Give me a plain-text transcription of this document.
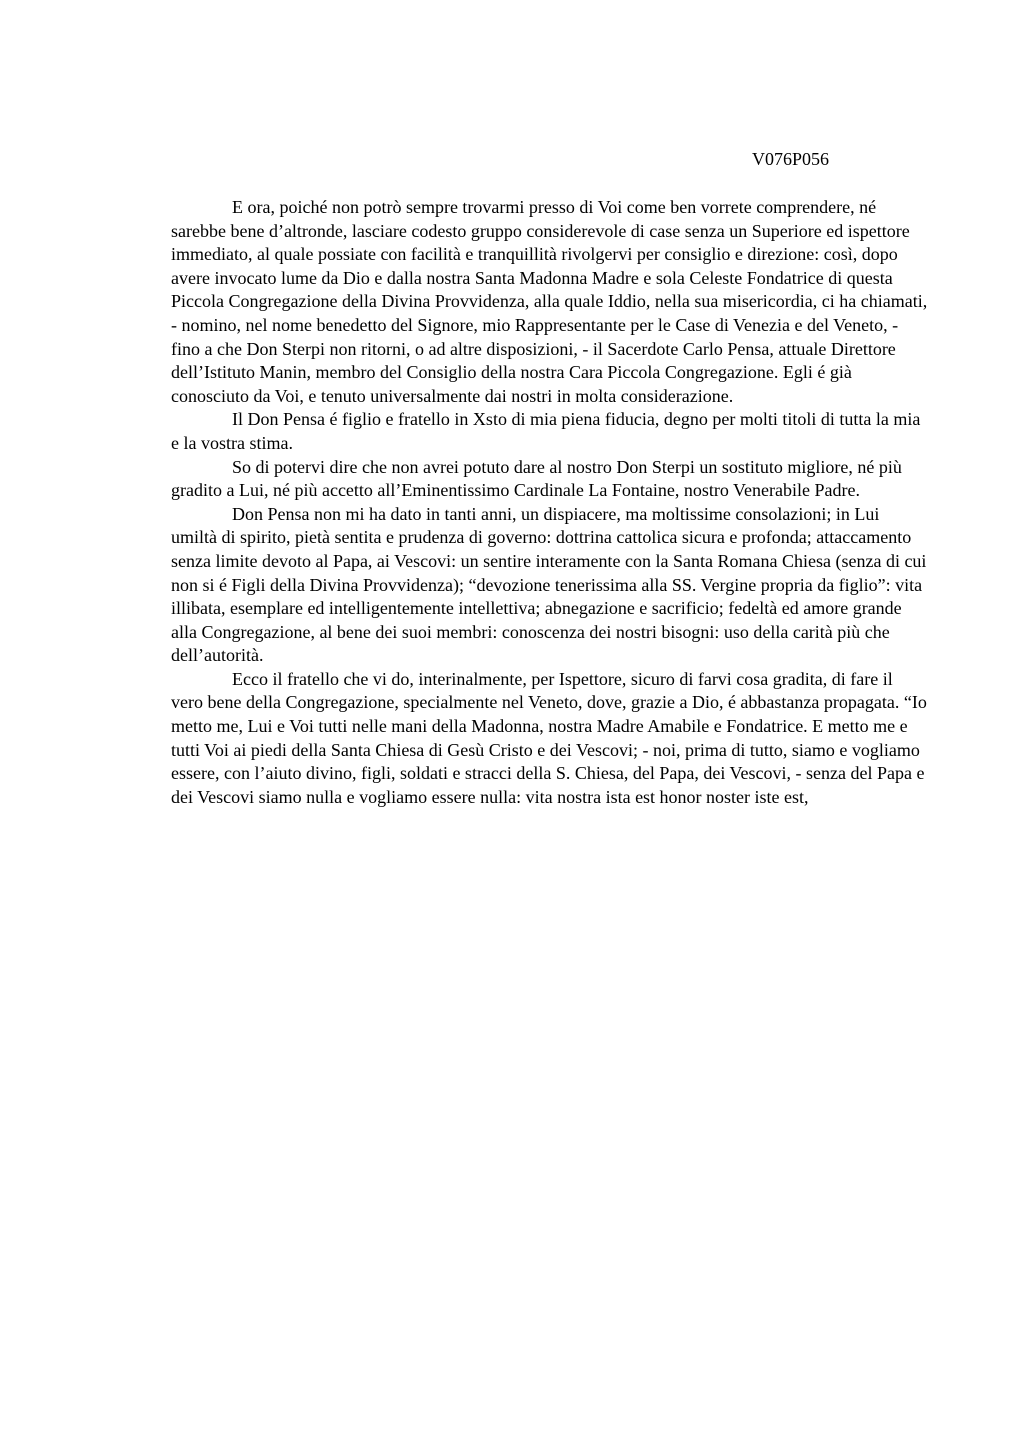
V076P056

E ora, poiché non potrò sempre trovarmi presso di Voi come ben vorrete comprendere, né sarebbe bene d’altronde, lasciare codesto gruppo considerevole di case senza un Superiore ed ispettore immediato, al quale possiate con facilità e tranquillità rivolgervi per consiglio e direzione: così, dopo avere invocato lume da Dio e dalla nostra Santa Madonna Madre e sola Celeste Fondatrice di questa Piccola Congregazione della Divina Provvidenza, alla quale Iddio, nella sua misericordia, ci ha chiamati, - nomino, nel nome benedetto del Signore, mio Rappresentante per le Case di Venezia e del Veneto, - fino a che Don Sterpi non ritorni, o ad altre disposizioni, - il Sacerdote Carlo Pensa, attuale Direttore dell’Istituto Manin, membro del Consiglio della nostra Cara Piccola Congregazione. Egli é già conosciuto da Voi, e tenuto universalmente dai nostri in molta considerazione.

Il Don Pensa é figlio e fratello in Xsto di mia piena fiducia, degno per molti titoli di tutta la mia e la vostra stima.

So di potervi dire che non avrei potuto dare al nostro Don Sterpi un sostituto migliore, né più gradito a Lui, né più accetto all’Eminentissimo Cardinale La Fontaine, nostro Venerabile Padre.

Don Pensa non mi ha dato in tanti anni, un dispiacere, ma moltissime consolazioni; in Lui umiltà di spirito, pietà sentita e prudenza di governo: dottrina cattolica sicura e profonda; attaccamento senza limite devoto al Papa, ai Vescovi: un sentire interamente con la Santa Romana Chiesa (senza di cui non si é Figli della Divina Provvidenza); “devozione tenerissima alla SS. Vergine propria da figlio”: vita illibata, esemplare ed intelligentemente intellettiva; abnegazione e sacrificio; fedeltà ed amore grande alla Congregazione, al bene dei suoi membri: conoscenza dei nostri bisogni: uso della carità più che dell’autorità.

Ecco il fratello che vi do, interinalmente, per Ispettore, sicuro di farvi cosa gradita, di fare il vero bene della Congregazione, specialmente nel Veneto, dove, grazie a Dio, é abbastanza propagata. “Io metto me, Lui e Voi tutti nelle mani della Madonna, nostra Madre Amabile e Fondatrice. E metto me e tutti Voi ai piedi della Santa Chiesa di Gesù Cristo e dei Vescovi; - noi, prima di tutto, siamo e vogliamo essere, con l’aiuto divino, figli, soldati e stracci della S. Chiesa, del Papa, dei Vescovi, - senza del Papa e dei Vescovi siamo nulla e vogliamo essere nulla: vita nostra ista est honor noster iste est,
